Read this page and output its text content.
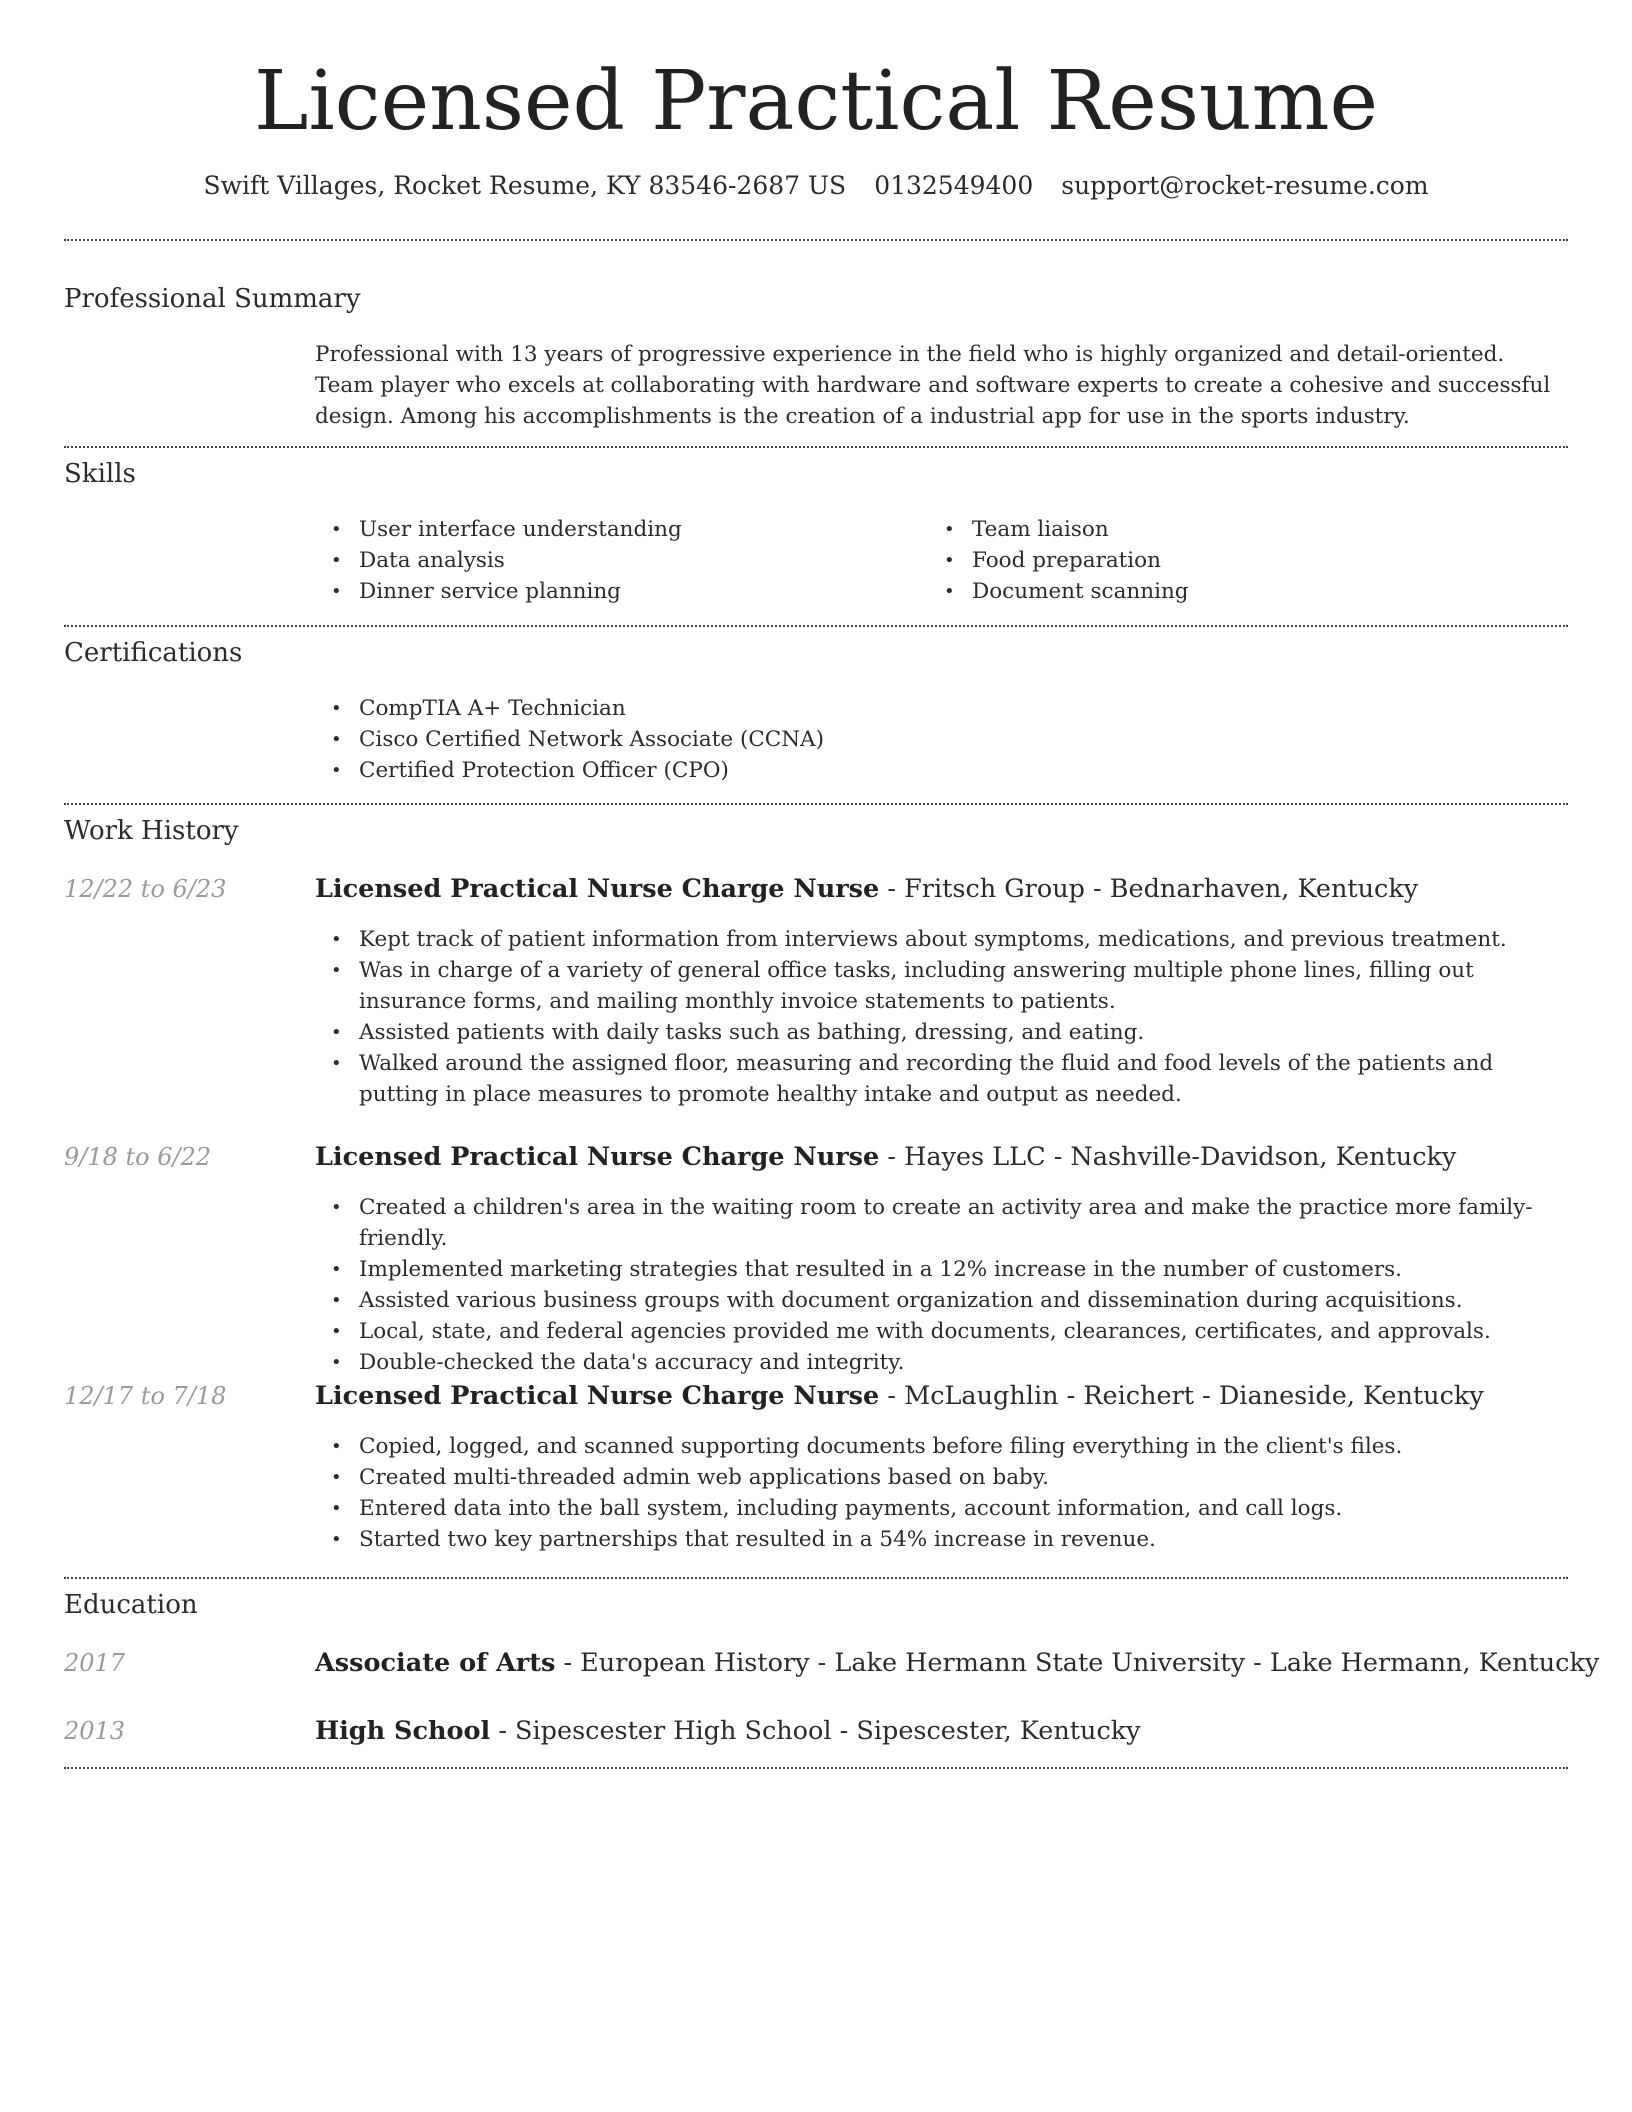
Licensed Practical Resume
Swift Villages, Rocket Resume, KY 83546-2687 US 0132549400 support@rocket-resume.com
Professional Summary

Professional with 13 years of progressive experience in the field who is highly organized and detail-oriented. Team player who excels at collaborating with hardware and software experts to create a cohesive and successful design. Among his accomplishments is the creation of a industrial app for use in the sports industry.

Skills
• User interface understanding
• Data analysis
• Dinner service planning
• Team liaison
• Food preparation
• Document scanning
Certifications
• CompTIA A+ Technician
• Cisco Certified Network Associate (CCNA)
• Certified Protection Officer (CPO)
Work History
12/22 to 6/23	Licensed Practical Nurse Charge Nurse - Fritsch Group - Bednarhaven, Kentucky
• Kept track of patient information from interviews about symptoms, medications, and previous treatment.
• Was in charge of a variety of general office tasks, including answering multiple phone lines, filling out insurance forms, and mailing monthly invoice statements to patients.
• Assisted patients with daily tasks such as bathing, dressing, and eating.
• Walked around the assigned floor, measuring and recording the fluid and food levels of the patients and putting in place measures to promote healthy intake and output as needed.
9/18 to 6/22	Licensed Practical Nurse Charge Nurse - Hayes LLC - Nashville-Davidson, Kentucky
• Created a children's area in the waiting room to create an activity area and make the practice more family-friendly.
• Implemented marketing strategies that resulted in a 12% increase in the number of customers.
• Assisted various business groups with document organization and dissemination during acquisitions.
• Local, state, and federal agencies provided me with documents, clearances, certificates, and approvals.
• Double-checked the data's accuracy and integrity.
12/17 to 7/18	Licensed Practical Nurse Charge Nurse - McLaughlin - Reichert - Dianeside, Kentucky
• Copied, logged, and scanned supporting documents before filing everything in the client's files.
• Created multi-threaded admin web applications based on baby.
• Entered data into the ball system, including payments, account information, and call logs.
• Started two key partnerships that resulted in a 54% increase in revenue.
Education
2017	Associate of Arts - European History - Lake Hermann State University - Lake Hermann, Kentucky
2013	High School - Sipescester High School - Sipescester, Kentucky
